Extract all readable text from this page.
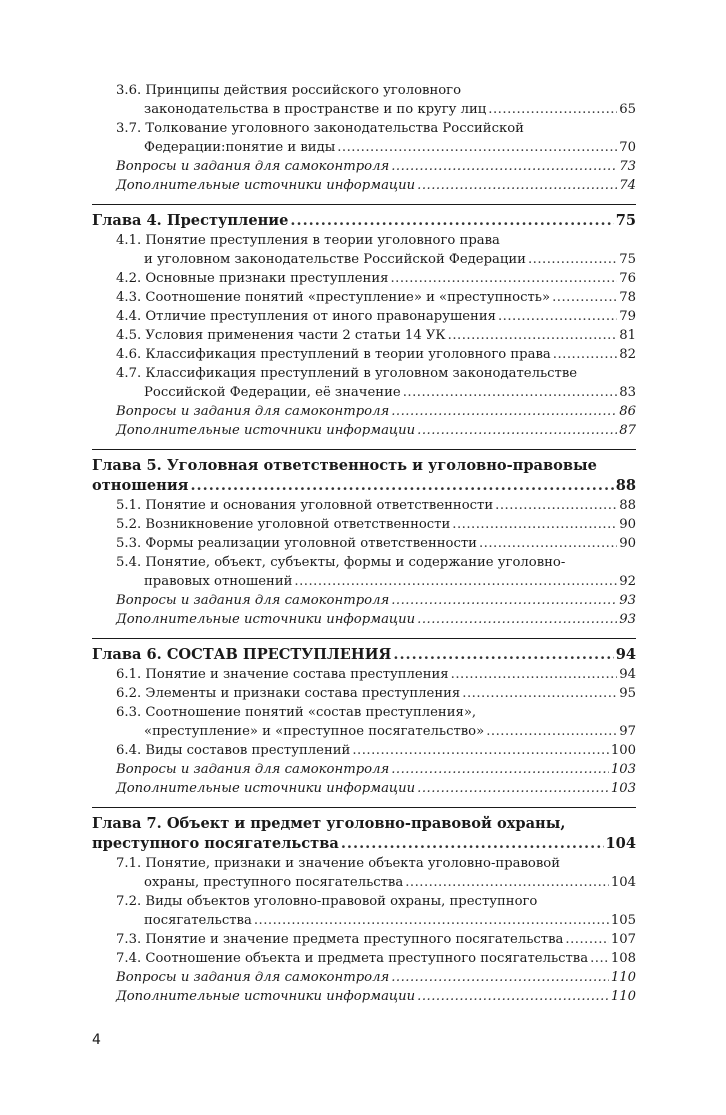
3.6. Принципы действия российского уголовного
законодательства в пространстве и по кругу лиц .....	65
3.7. Толкование уголовного законодательства Российской
Федерации:понятие и виды .....	70
Вопросы и задания для самоконтроля .....	73
Дополнительные источники информации .....	74
Глава 4. Преступление .....	75
4.1. Понятие преступления в теории уголовного права
и уголовном законодательстве Российской Федерации .....	75
4.2. Основные признаки преступления .....	76
4.3. Соотношение понятий «преступление» и «преступность» .....	78
4.4. Отличие преступления от иного правонарушения .....	79
4.5. Условия применения части 2 статьи 14 УК .....	81
4.6. Классификация преступлений в теории уголовного права .....	82
4.7. Классификация преступлений в уголовном законодательстве
Российской Федерации, её значение .....	83
Вопросы и задания для самоконтроля .....	86
Дополнительные источники информации .....	87
Глава 5. Уголовная ответственность и уголовно-правовые
отношения .....	88
5.1. Понятие и основания уголовной ответственности .....	88
5.2. Возникновение уголовной ответственности .....	90
5.3. Формы реализации уголовной ответственности .....	90
5.4. Понятие, объект, субъекты, формы и содержание уголовно-
правовых отношений .....	92
Вопросы и задания для самоконтроля .....	93
Дополнительные источники информации .....	93
Глава 6. СОСТАВ ПРЕСТУПЛЕНИЯ .....	94
6.1. Понятие и значение состава преступления .....	94
6.2. Элементы и признаки состава преступления .....	95
6.3. Соотношение понятий «состав преступления»,
«преступление» и «преступное посягательство» .....	97
6.4. Виды составов преступлений .....	100
Вопросы и задания для самоконтроля .....	103
Дополнительные источники информации .....	103
Глава 7. Объект и предмет уголовно-правовой охраны,
преступного посягательства .....	104
7.1. Понятие, признаки и значение объекта уголовно-правовой
охраны, преступного посягательства .....	104
7.2. Виды объектов уголовно-правовой охраны, преступного
посягательства .....	105
7.3. Понятие и значение предмета преступного посягательства .....	107
7.4. Соотношение объекта и предмета преступного посягательства ..... 108
Вопросы и задания для самоконтроля .....	110
Дополнительные источники информации .....	110
4
